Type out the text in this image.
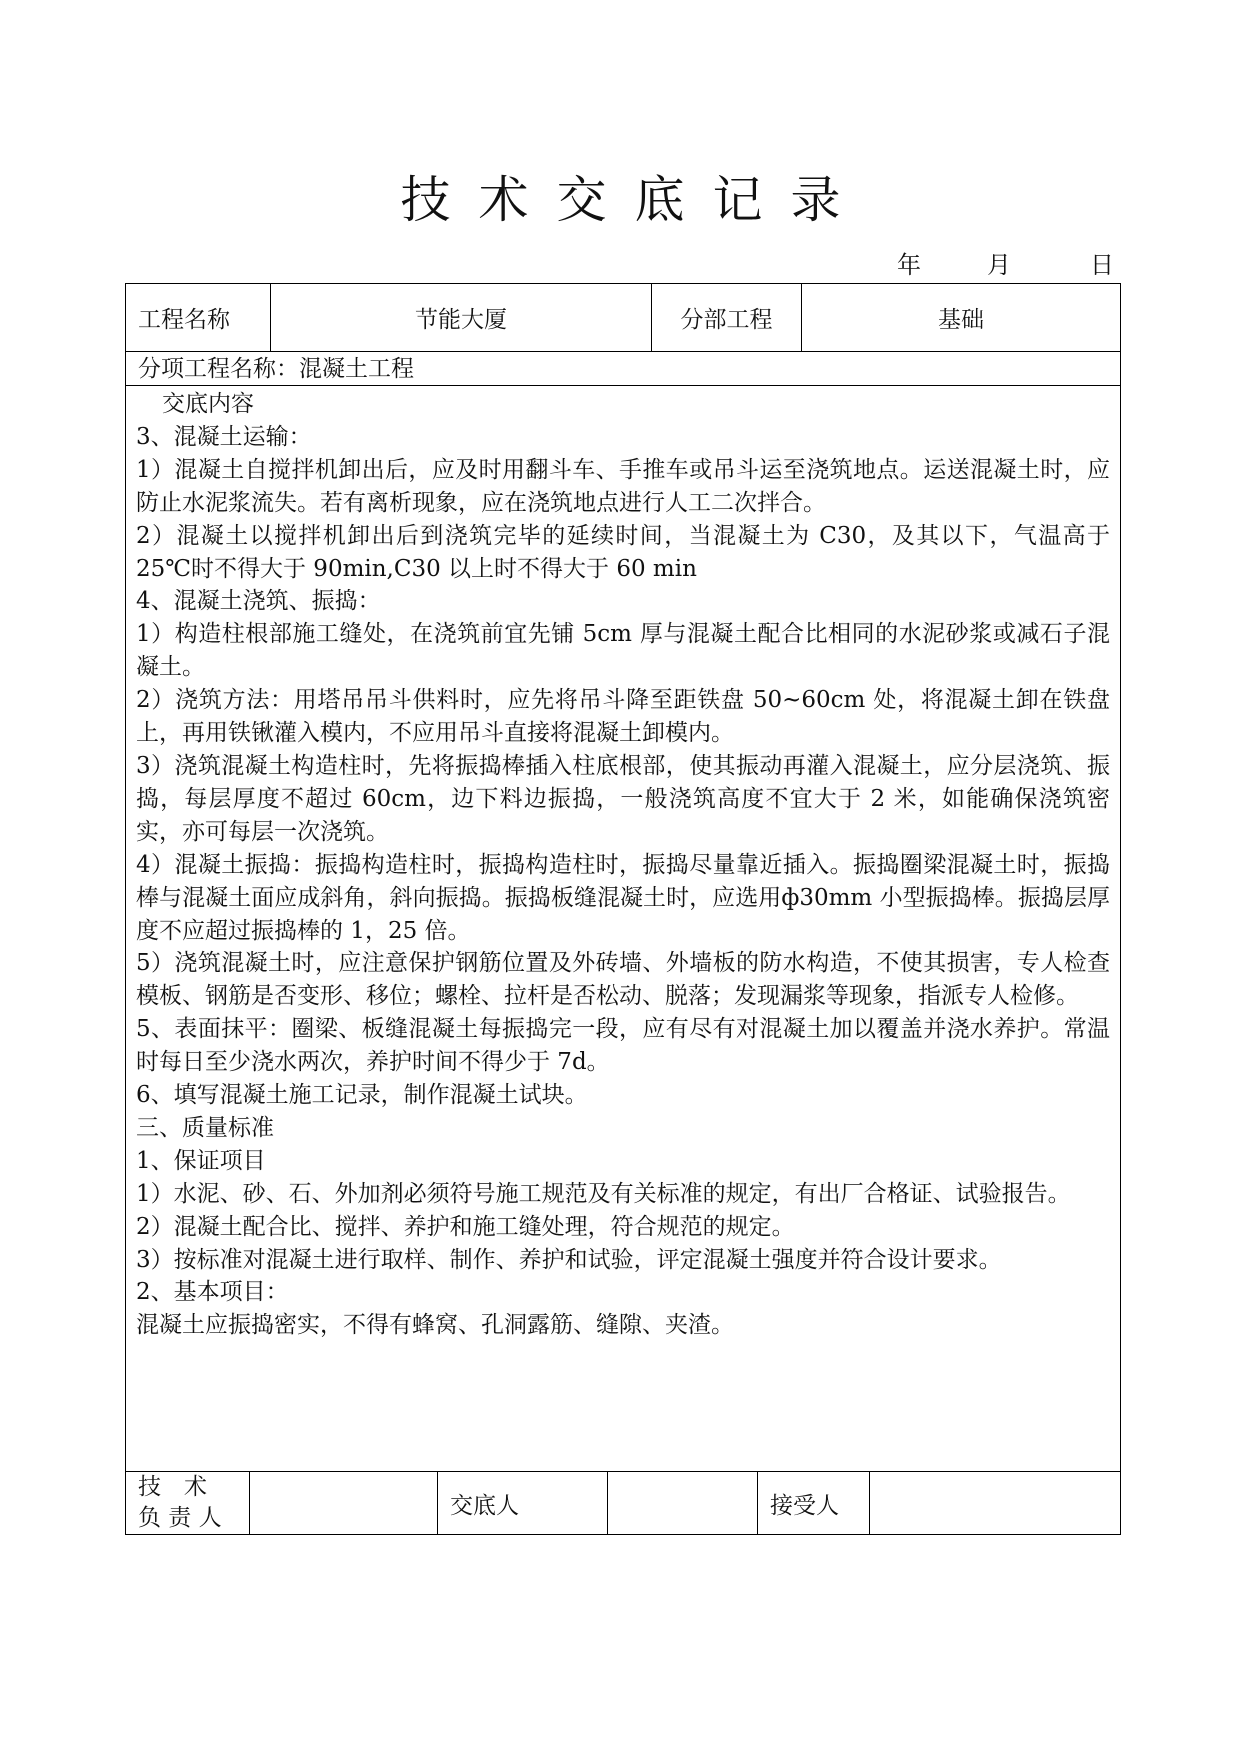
技 术 交 底 记 录
年	月	日
工程名称	节能大厦	分部工程	基础
分项工程名称：混凝土工程

交底内容

3、混凝土运输：

1）混凝土自搅拌机卸出后，应及时用翻斗车、手推车或吊斗运至浇筑地点。运送混凝土时，应防止水泥浆流失。若有离析现象，应在浇筑地点进行人工二次拌合。

2）混凝土以搅拌机卸出后到浇筑完毕的延续时间，当混凝土为 C30，及其以下，气温高于 25℃时不得大于 90min,C30 以上时不得大于 60 min

4、混凝土浇筑、振捣：

1）构造柱根部施工缝处，在浇筑前宜先铺 5cm 厚与混凝土配合比相同的水泥砂浆或减石子混凝土。

2）浇筑方法：用塔吊吊斗供料时，应先将吊斗降至距铁盘 50~60cm 处，将混凝土卸在铁盘上，再用铁锹灌入模内，不应用吊斗直接将混凝土卸模内。

3）浇筑混凝土构造柱时，先将振捣棒插入柱底根部，使其振动再灌入混凝土，应分层浇筑、振捣，每层厚度不超过 60cm，边下料边振捣，一般浇筑高度不宜大于 2 米，如能确保浇筑密实，亦可每层一次浇筑。

4）混凝土振捣：振捣构造柱时，振捣构造柱时，振捣尽量靠近插入。振捣圈梁混凝土时，振捣棒与混凝土面应成斜角，斜向振捣。振捣板缝混凝土时，应选用ф30mm 小型振捣棒。振捣层厚度不应超过振捣棒的 1，25 倍。

5）浇筑混凝土时，应注意保护钢筋位置及外砖墙、外墙板的防水构造，不使其损害，专人检查模板、钢筋是否变形、移位；螺栓、拉杆是否松动、脱落；发现漏浆等现象，指派专人检修。

5、表面抹平：圈梁、板缝混凝土每振捣完一段，应有尽有对混凝土加以覆盖并浇水养护。常温时每日至少浇水两次，养护时间不得少于 7d。

6、填写混凝土施工记录，制作混凝土试块。

三、质量标准

1、保证项目

1）水泥、砂、石、外加剂必须符号施工规范及有关标准的规定，有出厂合格证、试验报告。

2）混凝土配合比、搅拌、养护和施工缝处理，符合规范的规定。

3）按标准对混凝土进行取样、制作、养护和试验，评定混凝土强度并符合设计要求。

2、基本项目：

混凝土应振捣密实，不得有蜂窝、孔洞露筋、缝隙、夹渣。

技　术
负 责 人	交底人	接受人
